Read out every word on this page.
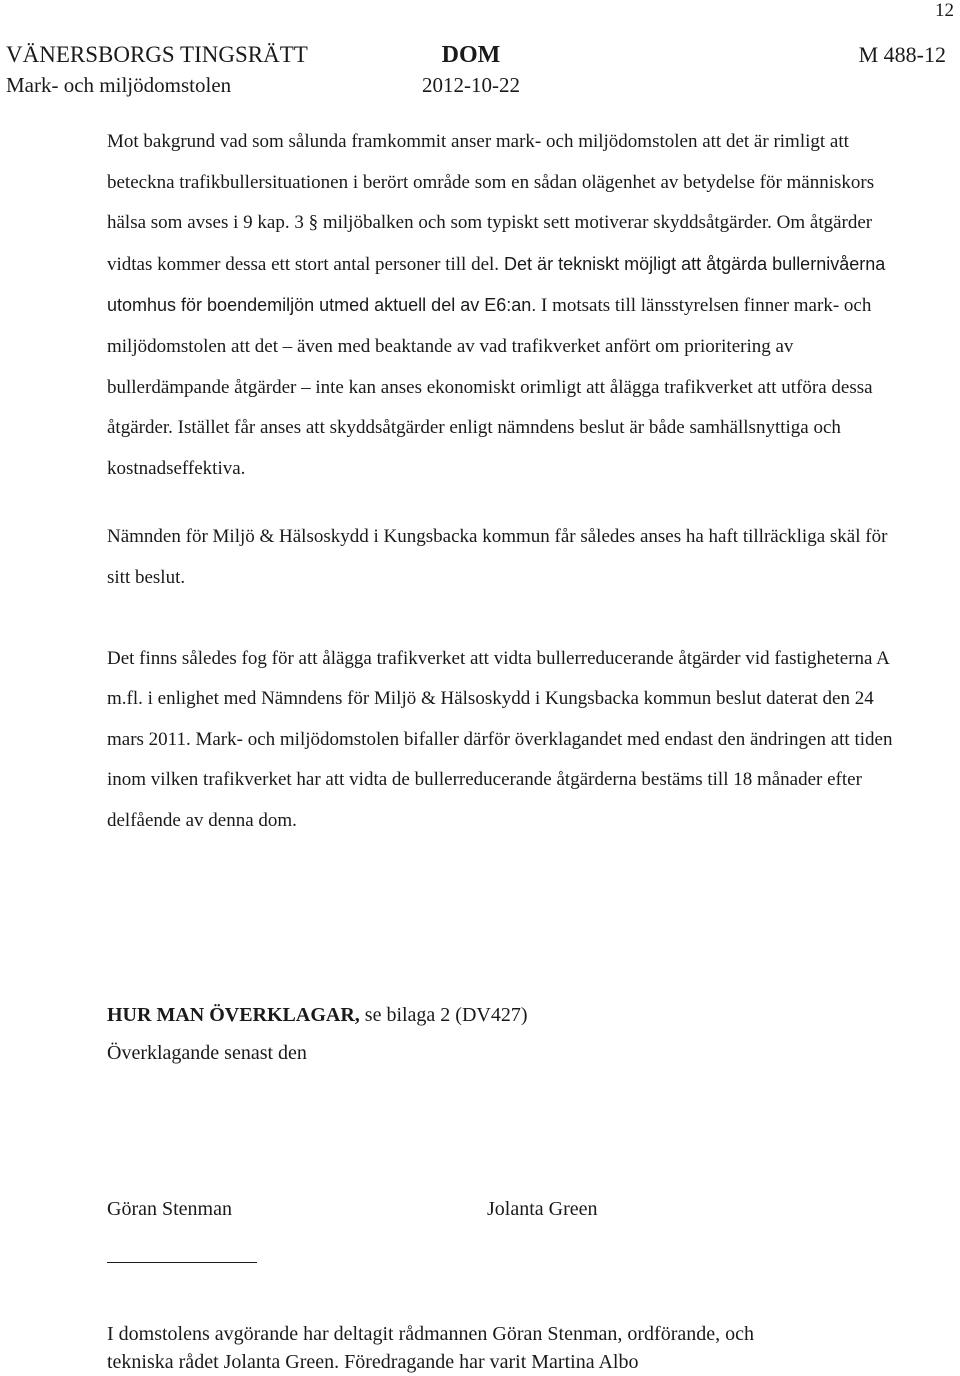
12
VÄNERSBORGS TINGSRÄTT
Mark- och miljödomstolen
DOM
2012-10-22
M 488-12

Mot bakgrund vad som sålunda framkommit anser mark- och miljödomstolen att det är rimligt att beteckna trafikbullersituationen i berört område som en sådan olägenhet av betydelse för människors hälsa som avses i 9 kap. 3 § miljöbalken och som typiskt sett motiverar skyddsåtgärder. Om åtgärder vidtas kommer dessa ett stort antal personer till del. Det är tekniskt möjligt att åtgärda bullernivåerna utomhus för boendemiljön utmed aktuell del av E6:an. I motsats till länsstyrelsen finner mark- och miljödomstolen att det – även med beaktande av vad trafikverket anfört om prioritering av bullerdämpande åtgärder – inte kan anses ekonomiskt orimligt att ålägga trafikverket att utföra dessa åtgärder. Istället får anses att skyddsåtgärder enligt nämndens beslut är både samhällsnyttiga och kostnadseffektiva.

Nämnden för Miljö & Hälsoskydd i Kungsbacka kommun får således anses ha haft tillräckliga skäl för sitt beslut.

Det finns således fog för att ålägga trafikverket att vidta bullerreducerande åtgärder vid fastigheterna A m.fl. i enlighet med Nämndens för Miljö & Hälsoskydd i Kungsbacka kommun beslut daterat den 24 mars 2011. Mark- och miljödomstolen bifaller därför överklagandet med endast den ändringen att tiden inom vilken trafikverket har att vidta de bullerreducerande åtgärderna bestäms till 18 månader efter delfående av denna dom.

HUR MAN ÖVERKLAGAR, se bilaga 2 (DV427)
Överklagande senast den
Göran Stenman	Jolanta Green

I domstolens avgörande har deltagit rådmannen Göran Stenman, ordförande, och
tekniska rådet Jolanta Green. Föredragande har varit Martina Albo
